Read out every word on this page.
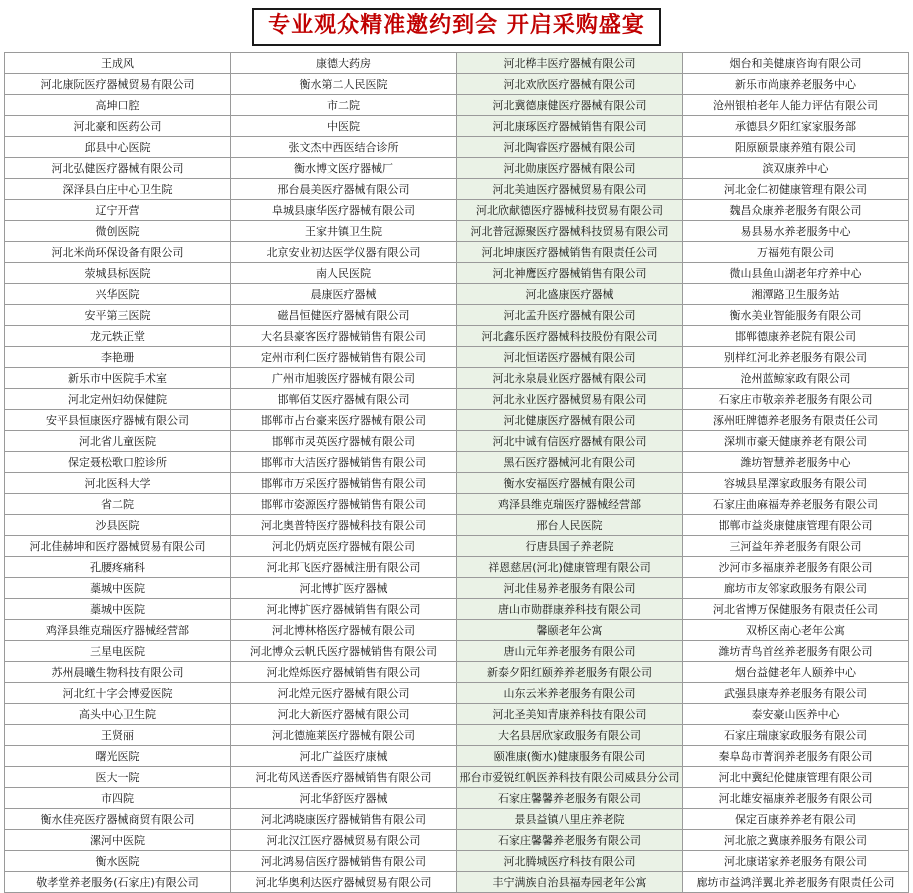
专业观众精准邀约到会 开启采购盛宴
王成风	康德大药房	河北桦丰医疗器械有限公司	烟台和美健康咨询有限公司
河北康阮医疗器械贸易有限公司	衡水第二人民医院	河北欢欣医疗器械有限公司	新乐市尚康养老服务中心
高坤口腔	市二院	河北冀德康健医疗器械有限公司	沧州银柏老年人能力评估有限公司
河北豪和医药公司	中医院	河北康琢医疗器械销售有限公司	承德县夕阳红家家服务部
邱县中心医院	张文杰中西医结合诊所	河北陶睿医疗器械有限公司	阳原颐景康养殖有限公司
河北弘健医疗器械有限公司	衡水博文医疗器械厂	河北勋康医疗器械有限公司	滨双康养中心
深泽县白庄中心卫生院	邢台晨美医疗器械有限公司	河北美迪医疗器械贸易有限公司	河北金仁初健康管理有限公司
辽宁开营	阜城县康华医疗器械有限公司	河北欣献德医疗器械科技贸易有限公司	魏昌众康养老服务有限公司
微创医院	王家井镇卫生院	河北普冠源聚医疗器械科技贸易有限公司	易县易水养老服务中心
河北米尚环保设备有限公司	北京安业初达医学仪器有限公司	河北坤康医疗器械销售有限责任公司	万福苑有限公司
荥城县标医院	南人民医院	河北神鹰医疗器械销售有限公司	微山县鱼山湖老年疗养中心
兴华医院	晨康医疗器械	河北盛康医疗器械	湘潭路卫生服务站
安平第三医院	磁昌恒健医疗器械有限公司	河北孟升医疗器械有限公司	衡水美业智能服务有限公司
龙元轶正堂	大名县豪客医疗器械销售有限公司	河北鑫乐医疗器械科技股份有限公司	邯郸德康养老院有限公司
李艳珊	定州市利仁医疗器械销售有限公司	河北恒诺医疗器械有限公司	别样红河北养老服务有限公司
新乐市中医院手术室	广州市旭骏医疗器械有限公司	河北永泉晨业医疗器械有限公司	沧州蓝鲸家政有限公司
河北定州妇幼保健院	邯郸佰艾医疗器械有限公司	河北永业医疗器械贸易有限公司	石家庄市敬亲养老服务有限公司
安平县恒康医疗器械有限公司	邯郸市占台豪来医疗器械有限公司	河北健康医疗器械有限公司	涿州旺牌德养老服务有限责任公司
河北省儿童医院	邯郸市灵英医疗器械有限公司	河北中诚有信医疗器械有限公司	深圳市豪天健康养老有限公司
保定聂松歌口腔诊所	邯郸市大洁医疗器械销售有限公司	黑石医疗器械河北有限公司	潍坊智慧养老服务中心
河北医科大学	邯郸市万采医疗器械销售有限公司	衡水安福医疗器械有限公司	容城县星澤家政服务有限公司
省二院	邯郸市姿源医疗器械销售有限公司	鸡泽县维克瑞医疗器械经营部	石家庄曲麻福寿养老服务有限公司
沙县医院	河北奥普特医疗器械科技有限公司	邢台人民医院	邯郸市益炎康健康管理有限公司
河北佳赫坤和医疗器械贸易有限公司	河北仍炳克医疗器械有限公司	行唐县国子养老院	三河益年养老服务有限公司
孔腰疼痛科	河北邦飞医疗器械注册有限公司	祥恩慈居(河北)健康管理有限公司	沙河市多福康养老服务有限公司
藁城中医院	河北博扩医疗器械	河北佳易养老服务有限公司	廊坊市友邻家政服务有限公司
藁城中医院	河北博扩医疗器械销售有限公司	唐山市勋群康养科技有限公司	河北省博万保健服务有限责任公司
鸡泽县维克瑞医疗器械经营部	河北博林格医疗器械有限公司	馨颐老年公寓	双桥区南心老年公寓
三星电医院	河北博众云帆氏医疗器械销售有限公司	唐山元年养老服务有限公司	潍坊青鸟首丝养老服务有限公司
苏州晨曦生物科技有限公司	河北煌烁医疗器械销售有限公司	新泰夕阳红颐养养老服务有限公司	烟台益健老年人颐养中心
河北红十字会博爱医院	河北煌元医疗器械有限公司	山东云米养老服务有限公司	武强县康寿养老服务有限公司
高头中心卫生院	河北大新医疗器械有限公司	河北圣美知青康养科技有限公司	泰安豪山医养中心
王贤丽	河北德施莱医疗器械有限公司	大名县居欣家政服务有限公司	石家庄瑞康家政服务有限公司
曙光医院	河北广益医疗康械	颐准康(衡水)健康服务有限公司	秦阜岛市菁润养老服务有限公司
医大一院	河北苟风送香医疗器械销售有限公司	邢台市爱锐红帆医养科技有限公司威县分公司	河北中冀纪伦健康管理有限公司
市四院	河北华舒医疗器械	石家庄馨馨养老服务有限公司	河北雄安福康养老服务有限公司
衡水佳亮医疗器械商贸有限公司	河北鸿晓康医疗器械销售有限公司	景县益镇八里庄养老院	保定百康养养老有限公司
漯河中医院	河北汉江医疗器械贸易有限公司	石家庄馨馨养老服务有限公司	河北旅之冀康养服务有限公司
衡水医院	河北鸿易信医疗器械销售有限公司	河北腾城医疗科技有限公司	河北康诺家养老服务有限公司
敬孝堂养老服务(石家庄)有限公司	河北华奥利达医疗器械贸易有限公司	丰宁满族自治县福寿园老年公寓	廊坊市益鸿洋翼北养老服务有限责任公司
